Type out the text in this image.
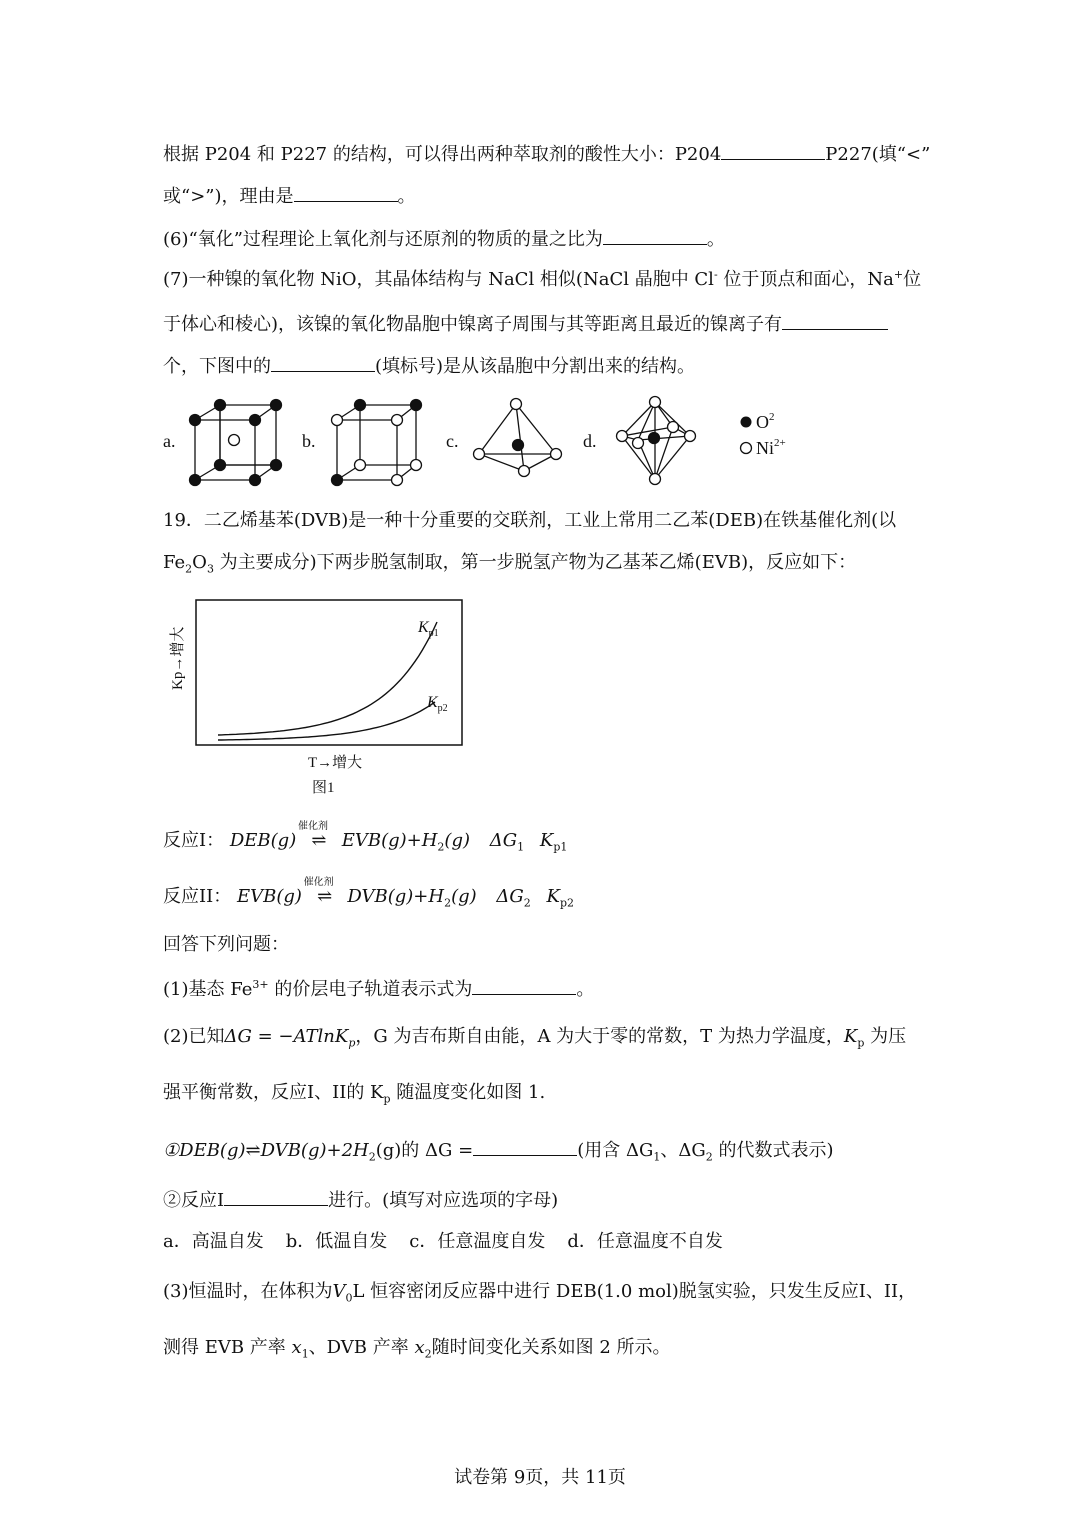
根据 P204 和 P227 的结构，可以得出两种萃取剂的酸性大小：P204	P227(填“<”
或“>”)，理由是	。
(6)“氧化”过程理论上氧化剂与还原剂的物质的量之比为	。
(7)一种镍的氧化物 NiO，其晶体结构与 NaCl 相似(NaCl 晶胞中 Cl- 位于顶点和面心，Na+位
于体心和棱心)，该镍的氧化物晶胞中镍离子周围与其等距离且最近的镍离子有
个，下图中的	(填标号)是从该晶胞中分割出来的结构。
a.	b.	c.	d.
$O^2$
$Ni^{2+}$
19．二乙烯基苯(DVB)是一种十分重要的交联剂，工业上常用二乙苯(DEB)在铁基催化剂(以
$Fe_2O_3$ 为主要成分)下两步脱氢制取，第一步脱氢产物为乙基苯乙烯(EVB)，反应如下：
$K_{p1}$
$K_{p2}$
Kp→增大
T→增大
图1
反应I： DEB(g)
催化剂
⇌ $EVB(g)+H_2(g)$ $\Delta G_1$ $K_{p1}$
反应II： EVB(g)
催化剂
⇌ $DVB(g)+H_2(g)$ $\Delta G_2$ $K_{p2}$
回答下列问题：
(1)基态 $Fe^{3+}$ 的价层电子轨道表示式为	。
(2)已知ΔG = −ATlnK$_p$，G 为吉布斯自由能，A 为大于零的常数，T 为热力学温度，$K_p$ 为压
强平衡常数，反应I、II的 $K_p$ 随温度变化如图 1.
$①DEB(g)\rightleftharpoons DVB(g)+2H_2(g)$的 ΔG =	(用含 $\Delta G_1$、$\Delta G_2$ 的代数式表示)
②反应I	进行。(填写对应选项的字母)
a．高温自发 b．低温自发 c．任意温度自发 d．任意温度不自发
(3)恒温时，在体积为$V_0L$ 恒容密闭反应器中进行 DEB(1.0 mol)脱氢实验，只发生反应I、II，
测得 EVB 产率 $x_1$、DVB 产率 $x_2$随时间变化关系如图 2 所示。
试卷第 9页，共 11页
